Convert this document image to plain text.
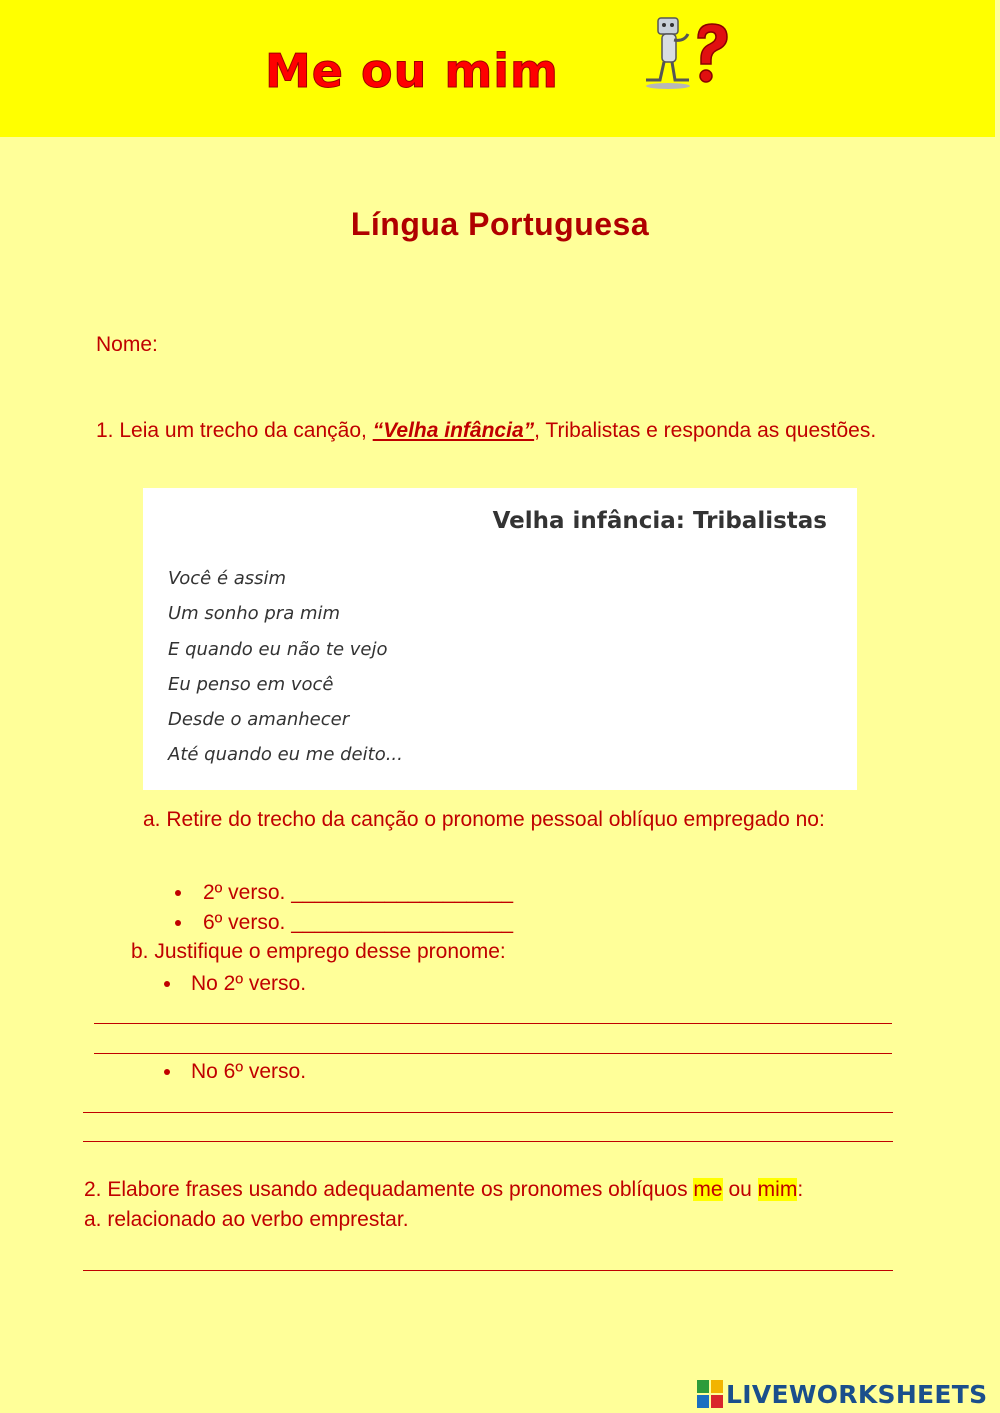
Me ou mim
Língua Portuguesa
Nome:
1. Leia um trecho da canção, “Velha infância”, Tribalistas e responda as questões.
Velha infância: Tribalistas
Você é assim
Um sonho pra mim
E quando eu não te vejo
Eu penso em você
Desde o amanhecer
Até quando eu me deito...
a. Retire do trecho da canção o pronome pessoal oblíquo empregado no:
2º verso. ___________________
6º verso. ___________________
b. Justifique o emprego desse pronome:
No 2º verso.
No 6º verso.
2. Elabore frases usando adequadamente os pronomes oblíquos me ou mim:
a. relacionado ao verbo emprestar.
LIVEWORKSHEETS
